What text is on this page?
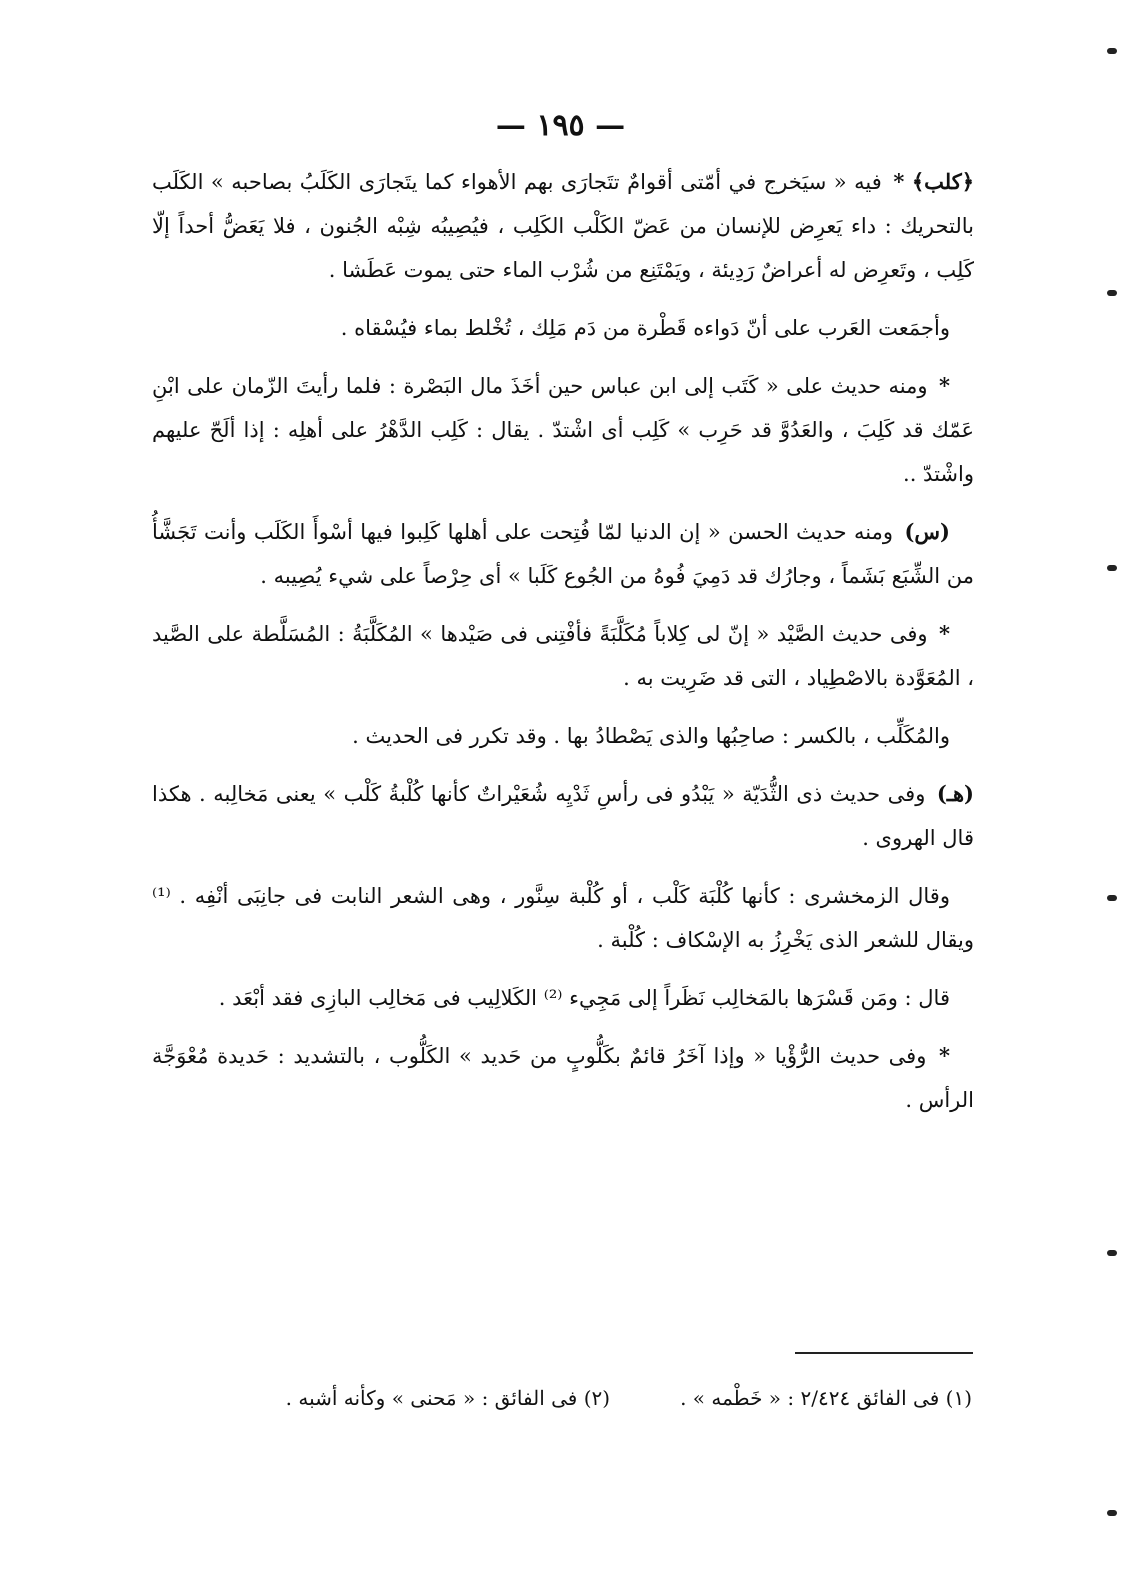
— ١٩٥ —

﴿كلب﴾ * فيه « سيَخرج في أمّتى أقوامٌ تتَجارَى بهم الأهواء كما يتَجارَى الكَلَبُ بصاحبه » الكَلَب بالتحريك : داء يَعرِض للإنسان من عَضّ الكَلْب الكَلِب ، فيُصِيبُه شِبْه الجُنون ، فلا يَعَضُّ أحداً إلّا كَلِب ، وتَعرِض له أعراضٌ رَدِيئة ، ويَمْتَنِع من شُرْب الماء حتى يموت عَطَشا .

وأجمَعت العَرب على أنّ دَواءه قَطْرة من دَم مَلِك ، تُخْلط بماء فيُسْقاه .

* ومنه حديث على « كَتَب إلى ابن عباس حين أخَذَ مال البَصْرة : فلما رأيتَ الزّمان على ابْنِ عَمّك قد كَلِبَ ، والعَدُوَّ قد حَرِب » كَلِب أى اشْتدّ . يقال : كَلِب الدَّهْرُ على أهلِه : إذا ألَحّ عليهم واشْتدّ ..

(س) ومنه حديث الحسن « إن الدنيا لمّا فُتِحت على أهلها كَلِبوا فيها أسْوأَ الكَلَب وأنت تَجَشَّأُ من الشِّبَع بَشَماً ، وجارُك قد دَمِيَ فُوهُ من الجُوع كَلَبا » أى حِرْصاً على شيء يُصِيبه .

* وفى حديث الصَّيْد « إنّ لى كِلاباً مُكَلَّبَةً فأفْتِنى فى صَيْدها » المُكَلَّبَةُ : المُسَلَّطة على الصَّيد ، المُعَوَّدة بالاصْطِياد ، التى قد ضَرِيت به .

والمُكَلِّب ، بالكسر : صاحِبُها والذى يَصْطادُ بها . وقد تكرر فى الحديث .

(هـ) وفى حديث ذى الثُّدَيّة « يَبْدُو فى رأسِ ثَدْيِه شُعَيْراتٌ كأنها كُلْبةُ كَلْب » يعنى مَخالِبه . هكذا قال الهروى .

وقال الزمخشرى : كأنها كُلْبَة كَلْب ، أو كُلْبة سِنَّور ، وهى الشعر النابت فى جانِبَى أنْفِه . ⁽¹⁾ ويقال للشعر الذى يَخْرِزُ به الإسْكاف : كُلْبة .

قال : ومَن قَسْرَها بالمَخالِب نَظَراً إلى مَجِيء ⁽²⁾ الكَلالِيب فى مَخالِب البازِى فقد أبْعَد .

* وفى حديث الرُّؤْيا « وإذا آخَرُ قائمٌ بكَلُّوبٍ من حَديد » الكَلُّوب ، بالتشديد : حَديدة مُعْوَجَّة الرأس .

(١) فى الفائق ٢/٤٢٤ : « خَطْمه » .
(٢) فى الفائق : « مَحنى » وكأنه أشبه .
